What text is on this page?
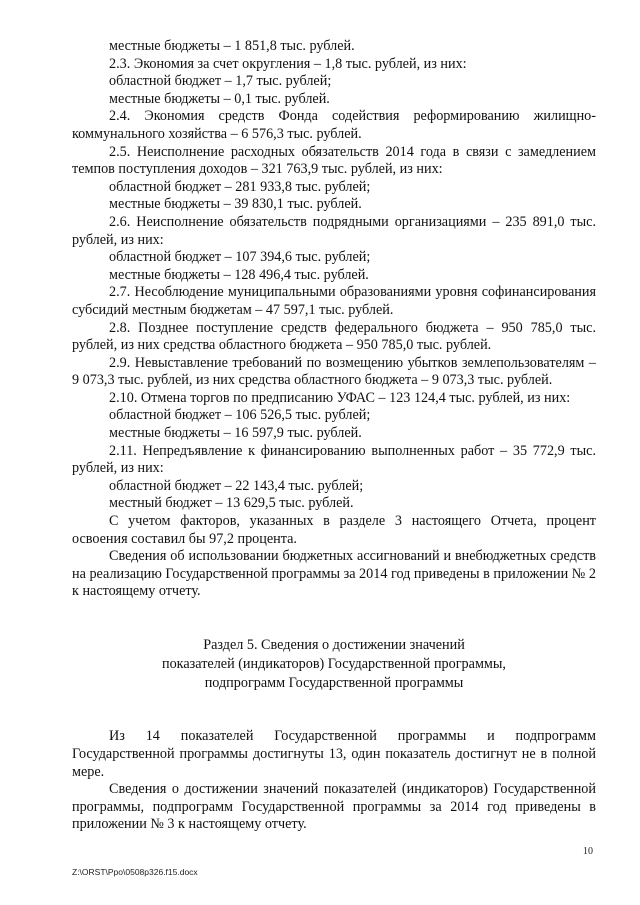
местные бюджеты – 1 851,8 тыс. рублей.

2.3. Экономия за счет округления – 1,8 тыс. рублей, из них:

областной бюджет – 1,7 тыс. рублей;

местные бюджеты – 0,1 тыс. рублей.

2.4. Экономия средств Фонда содействия реформированию жилищно-коммунального хозяйства – 6 576,3 тыс. рублей.

2.5. Неисполнение расходных обязательств 2014 года в связи с замедлением темпов поступления доходов – 321 763,9 тыс. рублей, из них:

областной бюджет – 281 933,8 тыс. рублей;

местные бюджеты – 39 830,1 тыс. рублей.

2.6. Неисполнение обязательств подрядными организациями – 235 891,0 тыс. рублей, из них:

областной бюджет – 107 394,6 тыс. рублей;

местные бюджеты – 128 496,4 тыс. рублей.

2.7. Несоблюдение муниципальными образованиями уровня софинансирования субсидий местным бюджетам – 47 597,1 тыс. рублей.

2.8. Позднее поступление средств федерального бюджета – 950 785,0 тыс. рублей, из них средства областного бюджета – 950 785,0 тыс. рублей.

2.9. Невыставление требований по возмещению убытков землепользователям – 9 073,3 тыс. рублей, из них средства областного бюджета – 9 073,3 тыс. рублей.

2.10. Отмена торгов по предписанию УФАС – 123 124,4 тыс. рублей, из них:

областной бюджет – 106 526,5 тыс. рублей;

местные бюджеты – 16 597,9 тыс. рублей.

2.11. Непредъявление к финансированию выполненных работ – 35 772,9 тыс. рублей, из них:

областной бюджет – 22 143,4 тыс. рублей;

местный бюджет – 13 629,5 тыс. рублей.

С учетом факторов, указанных в разделе 3 настоящего Отчета, процент освоения составил бы 97,2 процента.

Сведения об использовании бюджетных ассигнований и внебюджетных средств на реализацию Государственной программы за 2014 год приведены в приложении № 2 к настоящему отчету.

Раздел 5. Сведения о достижении значений

показателей (индикаторов) Государственной программы,

подпрограмм Государственной программы

Из 14 показателей Государственной программы и подпрограмм Государственной программы достигнуты 13, один показатель достигнут не в полной мере.

Сведения о достижении значений показателей (индикаторов) Государственной программы, подпрограмм Государственной программы за 2014 год приведены в приложении № 3 к настоящему отчету.

10
Z:\ORST\Ppo\0508p326.f15.docx
